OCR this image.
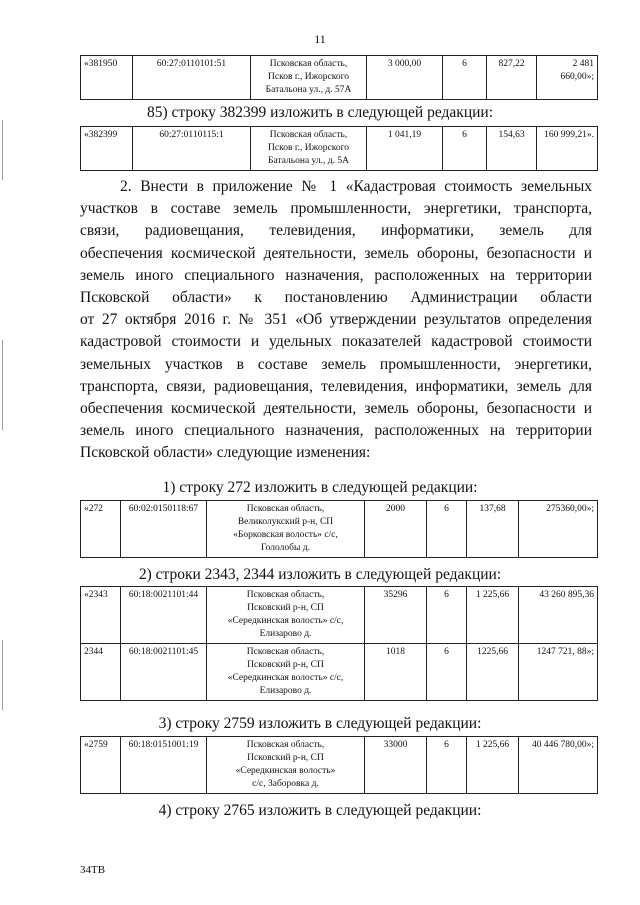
11
«381950	60:27:0110101:51	Псковская область,
Псков г., Ижорского
Батальона ул., д. 57А
	3 000,00	6	827,22	2 481 660,00»;
85) строку 382399 изложить в следующей редакции:
«382399	60:27:0110115:1	Псковская область,
Псков г., Ижорского
Батальона ул., д. 5А
	1 041,19	6	154,63	160 999,21».
2. Внести в приложение № 1 «Кадастровая стоимость земельных
участков в составе земель промышленности, энергетики, транспорта,
связи, радиовещания, телевидения, информатики, земель для
обеспечения космической деятельности, земель обороны, безопасности и
земель иного специального назначения, расположенных на территории
Псковской области» к постановлению Администрации области
от 27 октября 2016 г. № 351 «Об утверждении результатов определения
кадастровой стоимости и удельных показателей кадастровой стоимости
земельных участков в составе земель промышленности, энергетики,
транспорта, связи, радиовещания, телевидения, информатики, земель для
обеспечения космической деятельности, земель обороны, безопасности и
земель иного специального назначения, расположенных на территории
Псковской области» следующие изменения:
1) строку 272 изложить в следующей редакции:
«272	60:02:0150118:67	Псковская область,
Великолукский р-н, СП
«Борковская волость» с/с,
Гололобы д.
	2000	6	137,68	275360,00»;
2) строки 2343, 2344 изложить в следующей редакции:
«2343	60:18:0021101:44	Псковская область,
Псковский р-н, СП
«Середкинская волость» с/с,
Елизарово д.	35296	6	1 225,66	43 260 895,36
2344	60:18:0021101:45	Псковская область,
Псковский р-н, СП
«Середкинская волость» с/с,
Елизарово д.	1018	6	1225,66	1247 721, 88»;
3) строку 2759 изложить в следующей редакции:
«2759	60:18:0151001:19	Псковская область,
Псковский р-н, СП
«Середкинская волость»
с/с, Заборовка д.
	33000	6	1 225,66	40 446 780,00»;
4) строку 2765 изложить в следующей редакции:
34ТВ
